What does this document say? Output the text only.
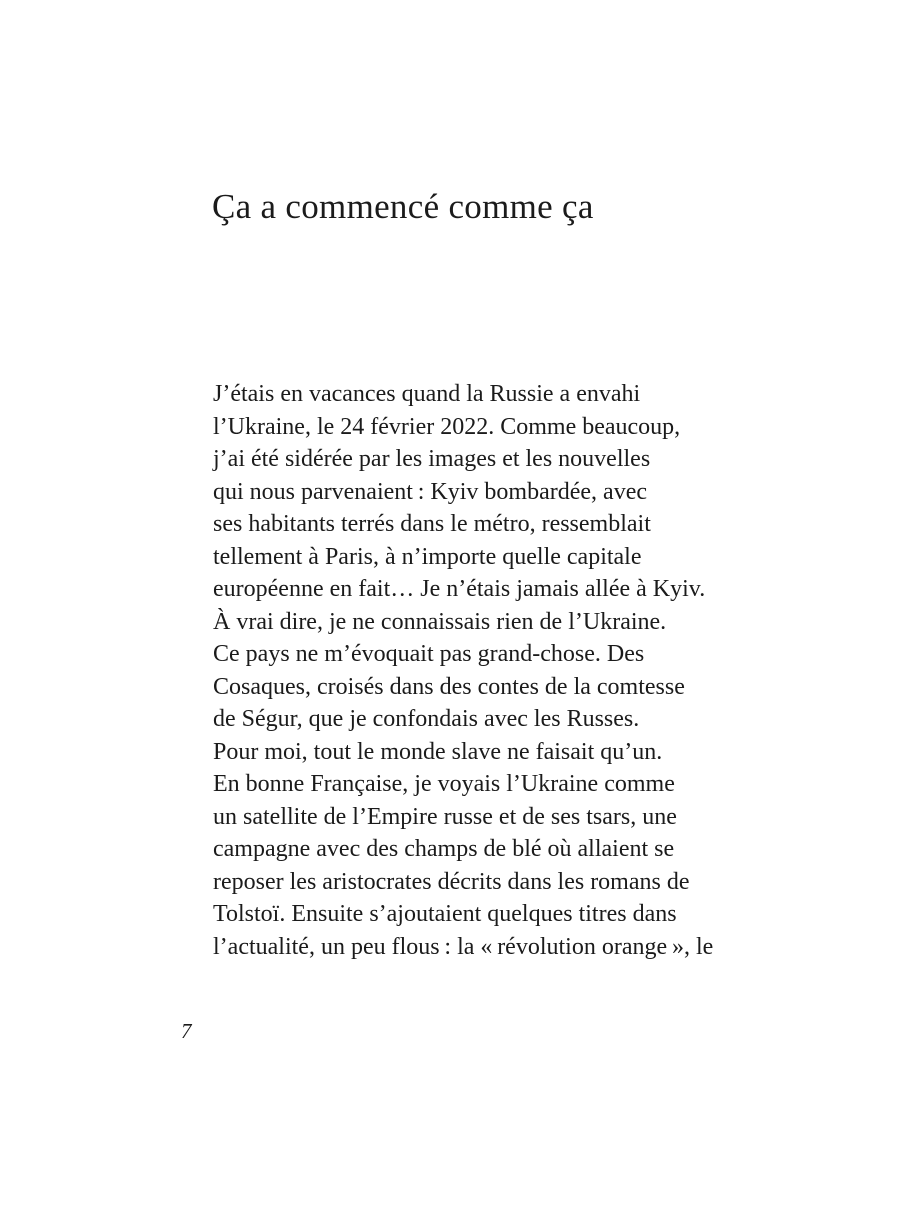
Ça a commencé comme ça
J’étais en vacances quand la Russie a envahi
l’Ukraine, le 24 février 2022. Comme beaucoup,
j’ai été sidérée par les images et les nouvelles
qui nous parvenaient : Kyiv bombardée, avec
ses habitants terrés dans le métro, ressemblait
tellement à Paris, à n’importe quelle capitale
européenne en fait… Je n’étais jamais allée à Kyiv.
À vrai dire, je ne connaissais rien de l’Ukraine.
Ce pays ne m’évoquait pas grand-chose. Des
Cosaques, croisés dans des contes de la comtesse
de Ségur, que je confondais avec les Russes.
Pour moi, tout le monde slave ne faisait qu’un.
En bonne Française, je voyais l’Ukraine comme
un satellite de l’Empire russe et de ses tsars, une
campagne avec des champs de blé où allaient se
reposer les aristocrates décrits dans les romans de
Tolstoï. Ensuite s’ajoutaient quelques titres dans
l’actualité, un peu flous : la « révolution orange », le
7
